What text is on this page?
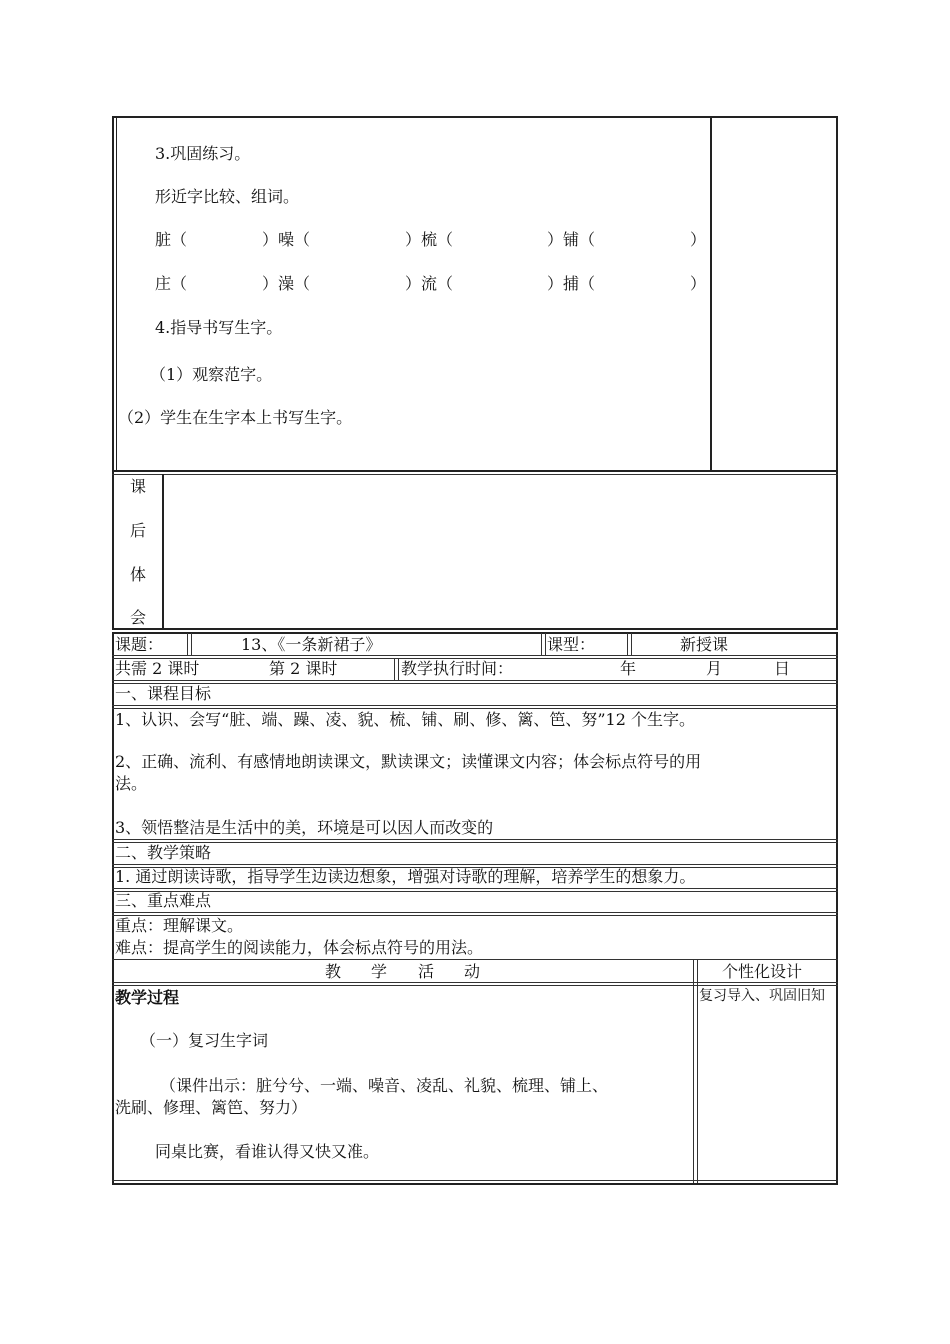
3.巩固练习。
形近字比较、组词。
脏（	）噪（	）梳（	）铺（	）
庄（	）澡（	）流（	）捕（	）
4.指导书写生字。
（1）观察范字。
（2）学生在生字本上书写生字。
课
后
体
会
课题：	13、《一条新裙子》	课型：	新授课
共需 2 课时	第 2 课时	教学执行时间：	年	月	日
一、课程目标
1、认识、会写“脏、端、躁、凌、貌、梳、铺、刷、修、篱、笆、努”12 个生字。
2、正确、流利、有感情地朗读课文，默读课文；读懂课文内容；体会标点符号的用
法。
3、领悟整洁是生活中的美，环境是可以因人而改变的
二、教学策略
1. 通过朗读诗歌，指导学生边读边想象，增强对诗歌的理解，培养学生的想象力。
三、重点难点
重点：理解课文。
难点：提高学生的阅读能力，体会标点符号的用法。
教 学 活 动	个性化设计
教学过程	复习导入、巩固旧知
（一）复习生字词
（课件出示：脏兮兮、一端、噪音、凌乱、礼貌、梳理、铺上、
洗刷、修理、篱笆、努力）
同桌比赛，看谁认得又快又准。
